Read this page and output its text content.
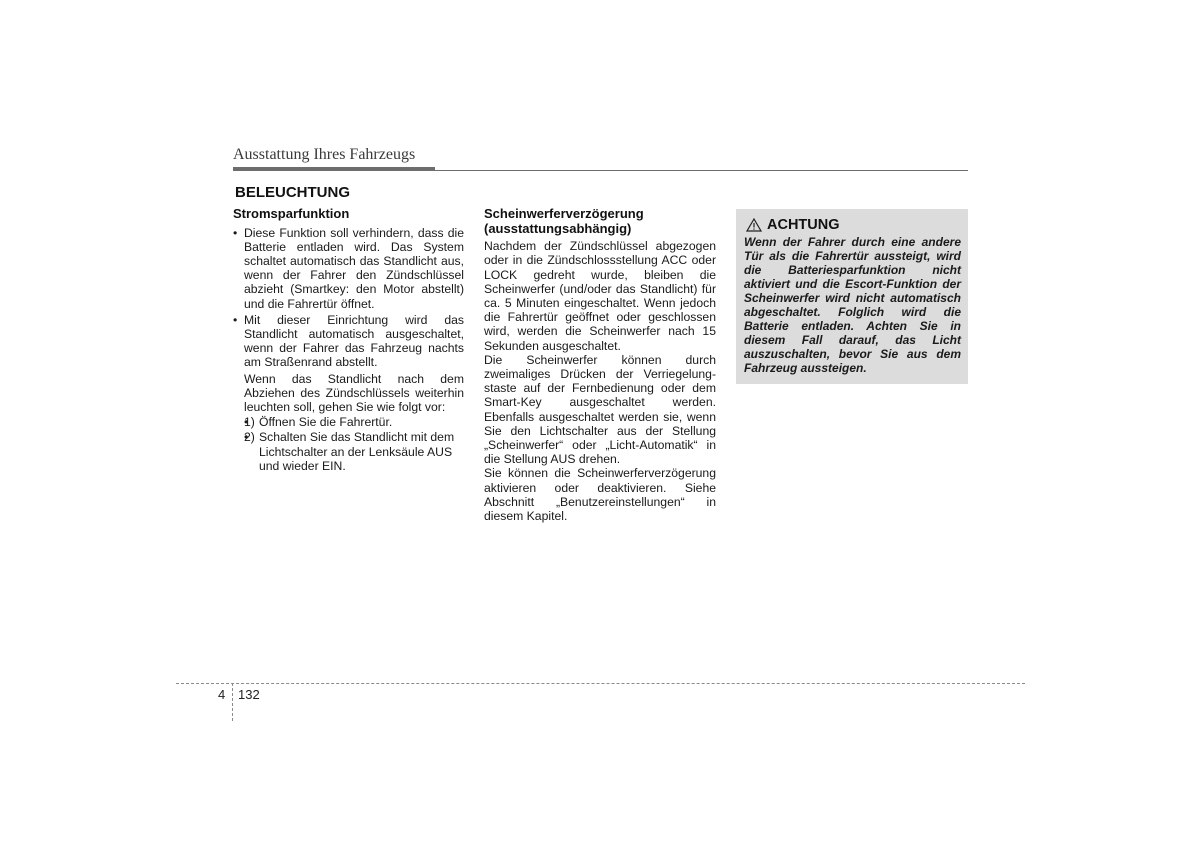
Ausstattung Ihres Fahrzeugs
BELEUCHTUNG
Stromsparfunktion

• Diese Funktion soll verhindern, dass die Batterie entladen wird. Das System schaltet automatisch das Standlicht aus, wenn der Fahrer den Zündschlüssel abzieht (Smartkey: den Motor abstellt) und die Fahrertür öffnet.

• Mit dieser Einrichtung wird das Standlicht automatisch ausgeschaltet, wenn der Fahrer das Fahrzeug nachts am Straßenrand abstellt.

Wenn das Standlicht nach dem Abziehen des Zündschlüssels weiterhin leuchten soll, gehen Sie wie folgt vor:

• 1) Öffnen Sie die Fahrertür.
• 2) Schalten Sie das Standlicht mit dem Lichtschalter an der Lenksäule AUS und wieder EIN.
Scheinwerferverzögerung (ausstattungsabhängig)

Nachdem der Zündschlüssel abgezogen oder in die Zündschlossstellung ACC oder LOCK gedreht wurde, bleiben die Scheinwerfer (und/oder das Standlicht) für ca. 5 Minuten eingeschaltet. Wenn jedoch die Fahrertür geöffnet oder geschlossen wird, werden die Scheinwerfer nach 15 Sekunden ausgeschaltet.

Die Scheinwerfer können durch zweimaliges Drücken der Verriegelungstaste auf der Fernbedienung oder dem Smart-Key ausgeschaltet werden. Ebenfalls ausgeschaltet werden sie, wenn Sie den Lichtschalter aus der Stellung „Scheinwerfer“ oder „Licht-Automatik“ in die Stellung AUS drehen.

Sie können die Scheinwerferverzögerung aktivieren oder deaktivieren. Siehe Abschnitt „Benutzereinstellungen“ in diesem Kapitel.

ACHTUNG
Wenn der Fahrer durch eine andere Tür als die Fahrertür aussteigt, wird die Batteriesparfunktion nicht aktiviert und die Escort-Funktion der Scheinwerfer wird nicht automatisch abgeschaltet. Folglich wird die Batterie entladen. Achten Sie in diesem Fall darauf, das Licht auszuschalten, bevor Sie aus dem Fahrzeug aussteigen.
4 132
